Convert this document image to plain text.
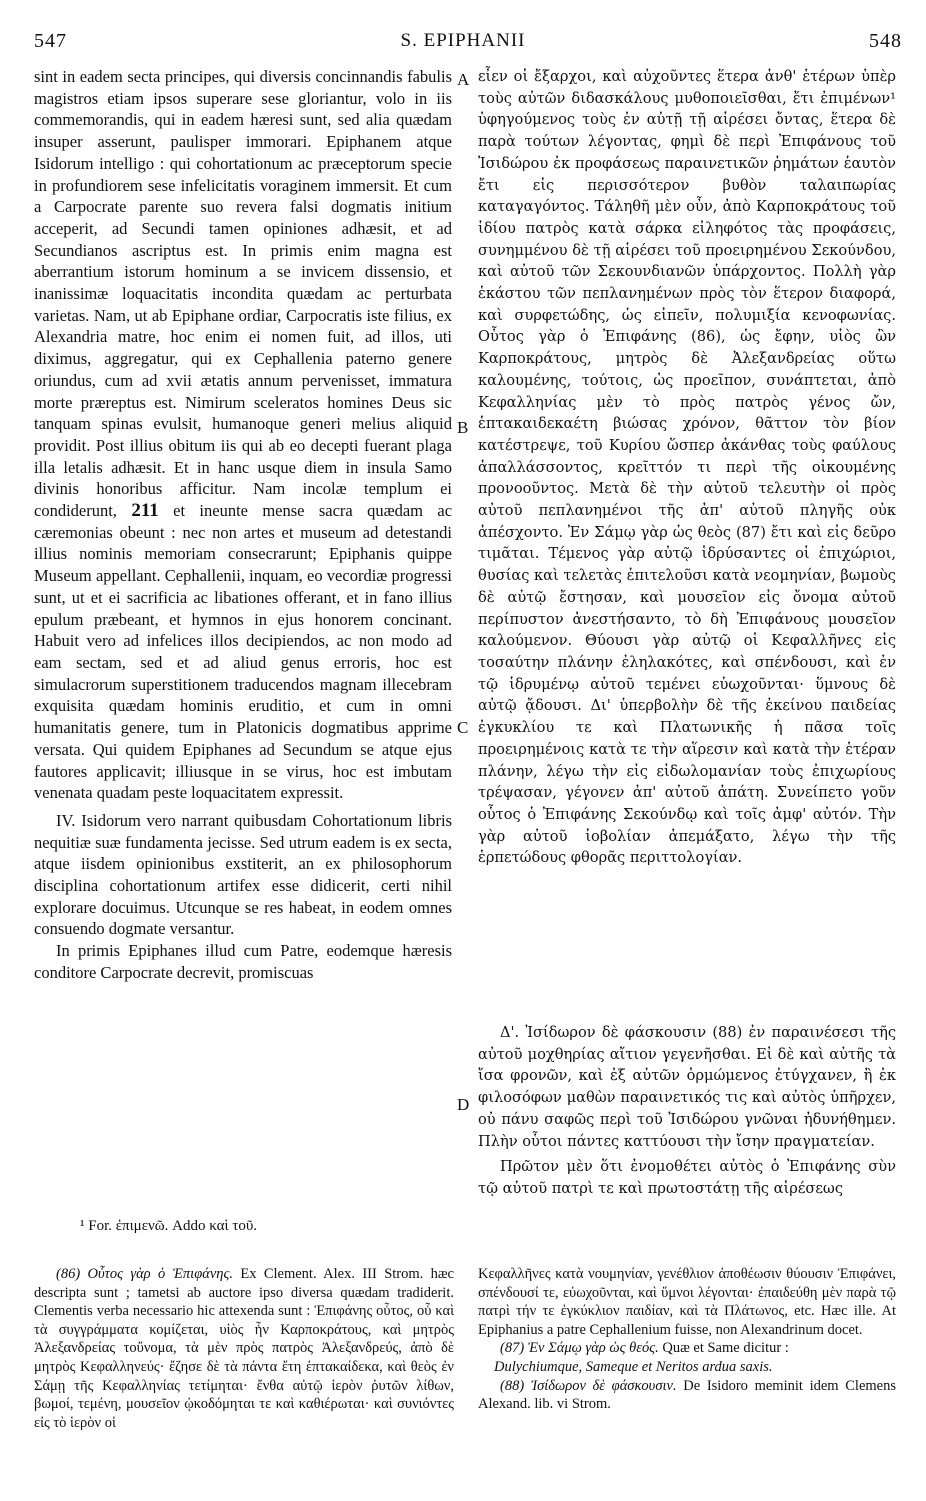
547	S. EPIPHANII	548
A
B
C
D

sint in eadem secta principes, qui diversis concinnandis fabulis magistros etiam ipsos superare sese gloriantur, volo in iis commemorandis, qui in eadem hæresi sunt, sed alia quædam insuper asserunt, paulisper immorari. Epiphanem atque Isidorum intelligo : qui cohortationum ac præceptorum specie in profundiorem sese infelicitatis voraginem immersit. Et cum a Carpocrate parente suo revera falsi dogmatis initium acceperit, ad Secundi tamen opiniones adhæsit, et ad Secundianos ascriptus est. In primis enim magna est aberrantium istorum hominum a se invicem dissensio, et inanissimæ loquacitatis incondita quædam ac perturbata varietas. Nam, ut ab Epiphane ordiar, Carpocratis iste filius, ex Alexandria matre, hoc enim ei nomen fuit, ad illos, uti diximus, aggregatur, qui ex Cephallenia paterno genere oriundus, cum ad xvii ætatis annum pervenisset, immatura morte præreptus est. Nimirum sceleratos homines Deus sic tanquam spinas evulsit, humanoque generi melius aliquid providit. Post illius obitum iis qui ab eo decepti fuerant plaga illa letalis adhæsit. Et in hanc usque diem in insula Samo divinis honoribus afficitur. Nam incolæ templum ei condiderunt, 211 et ineunte mense sacra quædam ac cæremonias obeunt : nec non artes et museum ad detestandi illius nominis memoriam consecrarunt; Epiphanis quippe Museum appellant. Cephallenii, inquam, eo vecordiæ progressi sunt, ut et ei sacrificia ac libationes offerant, et in fano illius epulum præbeant, et hymnos in ejus honorem concinant. Habuit vero ad infelices illos decipiendos, ac non modo ad eam sectam, sed et ad aliud genus erroris, hoc est simulacrorum superstitionem traducendos magnam illecebram exquisita quædam hominis eruditio, et cum in omni humanitatis genere, tum in Platonicis dogmatibus apprime versata. Qui quidem Epiphanes ad Secundum se atque ejus fautores applicavit; illiusque in se virus, hoc est imbutam venenata quadam peste loquacitatem expressit.

IV. Isidorum vero narrant quibusdam Cohortationum libris nequitiæ suæ fundamenta jecisse. Sed utrum eadem is ex secta, atque iisdem opinionibus exstiterit, an ex philosophorum disciplina cohortationum artifex esse didicerit, certi nihil explorare docuimus. Utcunque se res habeat, in eodem omnes consuendo dogmate versantur.

In primis Epiphanes illud cum Patre, eodemque hæresis conditore Carpocrate decrevit, promiscuas

εἶεν οἱ ἔξαρχοι, καὶ αὐχοῦντες ἕτερα ἀνθ' ἑτέρων ὑπὲρ τοὺς αὐτῶν διδασκάλους μυθοποιεῖσθαι, ἔτι ἐπιμένων¹ ὑφηγούμενος τοὺς ἐν αὐτῇ τῇ αἱρέσει ὄντας, ἕτερα δὲ παρὰ τούτων λέγοντας, φημὶ δὲ περὶ Ἐπιφάνους τοῦ Ἰσιδώρου ἐκ προφάσεως παραινετικῶν ῥημάτων ἑαυτὸν ἔτι εἰς περισσότερον βυθὸν ταλαιπωρίας καταγαγόντος. Τάληθῆ μὲν οὖν, ἀπὸ Καρποκράτους τοῦ ἰδίου πατρὸς κατὰ σάρκα εἰληφότος τὰς προφάσεις, συνημμένου δὲ τῇ αἱρέσει τοῦ προειρημένου Σεκούνδου, καὶ αὐτοῦ τῶν Σεκουνδιανῶν ὑπάρχοντος. Πολλὴ γὰρ ἑκάστου τῶν πεπλανημένων πρὸς τὸν ἕτερον διαφορά, καὶ συρφετώδης, ὡς εἰπεῖν, πολυμιξία κενοφωνίας. Οὗτος γὰρ ὁ Ἐπιφάνης (86), ὡς ἔφην, υἱὸς ὢν Καρποκράτους, μητρὸς δὲ Ἀλεξανδρείας οὕτω καλουμένης, τούτοις, ὡς προεῖπον, συνάπτεται, ἀπὸ Κεφαλληνίας μὲν τὸ πρὸς πατρὸς γένος ὤν, ἑπτακαιδεκαέτη βιώσας χρόνον, θᾶττον τὸν βίον κατέστρεψε, τοῦ Κυρίου ὥσπερ ἀκάνθας τοὺς φαύλους ἀπαλλάσσοντος, κρεῖττόν τι περὶ τῆς οἰκουμένης προνοοῦντος. Μετὰ δὲ τὴν αὐτοῦ τελευτὴν οἱ πρὸς αὐτοῦ πεπλανημένοι τῆς ἀπ' αὐτοῦ πληγῆς οὐκ ἀπέσχοντο. Ἐν Σάμῳ γὰρ ὡς θεὸς (87) ἔτι καὶ εἰς δεῦρο τιμᾶται. Τέμενος γὰρ αὐτῷ ἱδρύσαντες οἱ ἐπιχώριοι, θυσίας καὶ τελετὰς ἐπιτελοῦσι κατὰ νεομηνίαν, βωμοὺς δὲ αὐτῷ ἔστησαν, καὶ μουσεῖον εἰς ὄνομα αὐτοῦ περίπυστον ἀνεστήσαντο, τὸ δὴ Ἐπιφάνους μουσεῖον καλούμενον. Θύουσι γὰρ αὐτῷ οἱ Κεφαλλῆνες εἰς τοσαύτην πλάνην ἐληλακότες, καὶ σπένδουσι, καὶ ἐν τῷ ἱδρυμένῳ αὐτοῦ τεμένει εὐωχοῦνται· ὕμνους δὲ αὐτῷ ᾄδουσι. Δι' ὑπερβολὴν δὲ τῆς ἐκείνου παιδείας ἐγκυκλίου τε καὶ Πλατωνικῆς ἡ πᾶσα τοῖς προειρημένοις κατὰ τε τὴν αἵρεσιν καὶ κατὰ τὴν ἑτέραν πλάνην, λέγω τὴν εἰς εἰδωλομανίαν τοὺς ἐπιχωρίους τρέψασαν, γέγονεν ἀπ' αὐτοῦ ἀπάτη. Συνείπετο γοῦν οὗτος ὁ Ἐπιφάνης Σεκούνδῳ καὶ τοῖς ἀμφ' αὐτόν. Τὴν γὰρ αὐτοῦ ἰοβολίαν ἀπεμάξατο, λέγω τὴν τῆς ἑρπετώδους φθορᾶς περιττολογίαν.

Δ'. Ἰσίδωρον δὲ φάσκουσιν (88) ἐν παραινέσεσι τῆς αὐτοῦ μοχθηρίας αἴτιον γεγενῆσθαι. Εἰ δὲ καὶ αὐτῆς τὰ ἴσα φρονῶν, καὶ ἐξ αὐτῶν ὁρμώμενος ἐτύγχανεν, ἢ ἐκ φιλοσόφων μαθὼν παραινετικός τις καὶ αὐτὸς ὑπῆρχεν, οὐ πάνυ σαφῶς περὶ τοῦ Ἰσιδώρου γνῶναι ἠδυνήθημεν. Πλὴν οὗτοι πάντες καττύουσι τὴν ἴσην πραγματείαν.

Πρῶτον μὲν ὅτι ἐνομοθέτει αὐτὸς ὁ Ἐπιφάνης σὺν τῷ αὐτοῦ πατρὶ τε καὶ πρωτοστάτῃ τῆς αἱρέσεως

¹ For. ἐπιμενῶ. Addo καὶ τοῦ.

(86) Οὗτος γὰρ ὁ Ἐπιφάνης. Ex Clement. Alex. III Strom. hæc descripta sunt ; tametsi ab auctore ipso diversa quædam tradiderit. Clementis verba necessario hic attexenda sunt : Ἐπιφάνης οὗτος, οὗ καὶ τὰ συγγράμματα κομίζεται, υἱὸς ἦν Καρποκράτους, καὶ μητρὸς Ἀλεξανδρείας τοὔνομα, τὰ μὲν πρὸς πατρὸς Ἀλεξανδρεύς, ἀπὸ δὲ μητρὸς Κεφαλληνεύς· ἔζησε δὲ τὰ πάντα ἔτη ἑπτακαίδεκα, καὶ θεὸς ἐν Σάμῃ τῆς Κεφαλληνίας τετίμηται· ἔνθα αὐτῷ ἱερὸν ῥυτῶν λίθων, βωμοί, τεμένη, μουσεῖον ᾠκοδόμηται τε καὶ καθιέρωται· καὶ συνιόντες εἰς τὸ ἱερὸν οἱ

Κεφαλλῆνες κατὰ νουμηνίαν, γενέθλιον ἀποθέωσιν θύουσιν Ἐπιφάνει, σπένδουσί τε, εὐωχοῦνται, καὶ ὕμνοι λέγονται· ἐπαιδεύθη μὲν παρὰ τῷ πατρὶ τήν τε ἐγκύκλιον παιδίαν, καὶ τὰ Πλάτωνος, etc. Hæc ille. At Epiphanius a patre Cephallenium fuisse, non Alexandrinum docet.

(87) Ἐν Σάμῳ γὰρ ὡς θεός. Quæ et Same dicitur :

Dulychiumque, Sameque et Neritos ardua saxis.

(88) Ἰσίδωρον δὲ φάσκουσιν. De Isidoro meminit idem Clemens Alexand. lib. vi Strom.
